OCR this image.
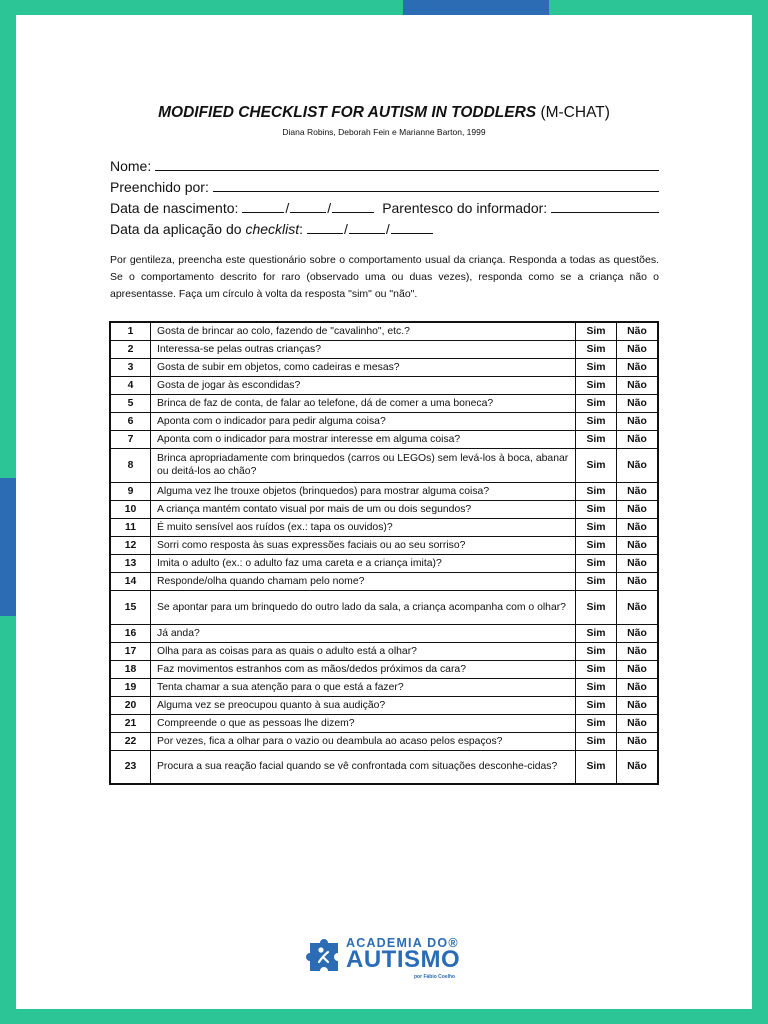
MODIFIED CHECKLIST FOR AUTISM IN TODDLERS (M-CHAT)
Diana Robins, Deborah Fein e Marianne Barton, 1999
Nome:
Preenchido por:
Data de nascimento:	/	/	Parentesco do informador:
Data da aplicação do checklist:	/	/
Por gentileza, preencha este questionário sobre o comportamento usual da criança. Responda a todas as questões. Se o comportamento descrito for raro (observado uma ou duas vezes), responda como se a criança não o apresentasse. Faça um círculo à volta da resposta "sim" ou "não".
1	Gosta de brincar ao colo, fazendo de "cavalinho", etc.?	Sim	Não
2	Interessa-se pelas outras crianças?	Sim	Não
3	Gosta de subir em objetos, como cadeiras e mesas?	Sim	Não
4	Gosta de jogar às escondidas?	Sim	Não
5	Brinca de faz de conta, de falar ao telefone, dá de comer a uma boneca?	Sim	Não
6	Aponta com o indicador para pedir alguma coisa?	Sim	Não
7	Aponta com o indicador para mostrar interesse em alguma coisa?	Sim	Não
8	Brinca apropriadamente com brinquedos (carros ou LEGOs) sem levá-los à boca, abanar ou deitá-los ao chão?	Sim	Não
9	Alguma vez lhe trouxe objetos (brinquedos) para mostrar alguma coisa?	Sim	Não
10	A criança mantém contato visual por mais de um ou dois segundos?	Sim	Não
11	É muito sensível aos ruídos (ex.: tapa os ouvidos)?	Sim	Não
12	Sorri como resposta às suas expressões faciais ou ao seu sorriso?	Sim	Não
13	Imita o adulto (ex.: o adulto faz uma careta e a criança imita)?	Sim	Não
14	Responde/olha quando chamam pelo nome?	Sim	Não
15	Se apontar para um brinquedo do outro lado da sala, a criança acompanha com o olhar?	Sim	Não
16	Já anda?	Sim	Não
17	Olha para as coisas para as quais o adulto está a olhar?	Sim	Não
18	Faz movimentos estranhos com as mãos/dedos próximos da cara?	Sim	Não
19	Tenta chamar a sua atenção para o que está a fazer?	Sim	Não
20	Alguma vez se preocupou quanto à sua audição?	Sim	Não
21	Compreende o que as pessoas lhe dizem?	Sim	Não
22	Por vezes, fica a olhar para o vazio ou deambula ao acaso pelos espaços?	Sim	Não
23	Procura a sua reação facial quando se vê confrontada com situações desconhe-cidas?	Sim	Não
ACADEMIA DO®
AUTISMO
por Fábio Coelho
